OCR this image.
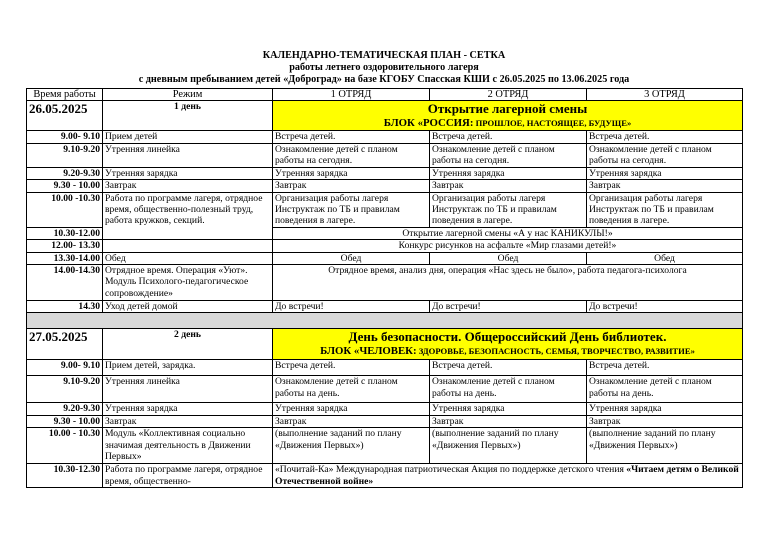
КАЛЕНДАРНО-ТЕМАТИЧЕСКАЯ ПЛАН - СЕТКА
работы летнего оздоровительного лагеря
с дневным пребыванием детей «Доброград» на базе КГОБУ Спасская КШИ с 26.05.2025 по 13.06.2025 года
Время работы	Режим	1 ОТРЯД	2 ОТРЯД	3 ОТРЯД
26.05.2025	1 день	Открытие лагерной смены
БЛОК «РОССИЯ: ПРОШЛОЕ, НАСТОЯЩЕЕ, БУДУЩЕ»		

9.00- 9.10	Прием детей	Встреча детей.	Встреча детей.	Встреча детей.
9.10-9.20	Утренняя линейка	Ознакомление детей с планом работы на сегодня.	Ознакомление детей с планом работы на сегодня.	Ознакомление детей с планом работы на сегодня.
9.20-9.30	Утренняя зарядка	Утренняя зарядка	Утренняя зарядка	Утренняя зарядка
9.30 - 10.00	Завтрак	Завтрак	Завтрак	Завтрак
10.00 -10.30	Работа по программе лагеря, отрядное время, общественно-полезный труд, работа кружков, секций.	Организация работы лагеря Инструктаж по ТБ и правилам поведения в лагере.	Организация работы лагеря Инструктаж по ТБ и правилам поведения в лагере.	Организация работы лагеря Инструктаж по ТБ и правилам поведения в лагере.
10.30-12.00		Открытие лагерной смены «А у нас КАНИКУЛЫ!»		
12.00- 13.30		Конкурс рисунков на асфальте «Мир глазами детей!»		
13.30-14.00	Обед	Обед	Обед	Обед
14.00-14.30	Отрядное время. Операция «Уют». Модуль Психолого-педагогическое сопровождение»	Отрядное время, анализ дня, операция «Нас здесь не было», работа педагога-психолога		
14.30	Уход детей домой	До встречи!	До встречи!	До встречи!

27.05.2025	2 день	День безопасности. Общероссийский День библиотек.
БЛОК «ЧЕЛОВЕК: ЗДОРОВЬЕ, БЕЗОПАСНОСТЬ, СЕМЬЯ, ТВОРЧЕСТВО, РАЗВИТИЕ»		

9.00- 9.10	Прием детей, зарядка.	Встреча детей.	Встреча детей.	Встреча детей.
9.10-9.20	Утренняя линейка	Ознакомление детей с планом работы на день.	Ознакомление детей с планом работы на день.	Ознакомление детей с планом работы на день.
9.20-9.30	Утренняя зарядка	Утренняя зарядка	Утренняя зарядка	Утренняя зарядка
9.30 - 10.00	Завтрак	Завтрак	Завтрак	Завтрак
10.00 - 10.30	Модуль «Коллективная социально значимая деятельность в Движении Первых»	(выполнение заданий по плану «Движения Первых»)	(выполнение заданий по плану «Движения Первых»)	(выполнение заданий по плану «Движения Первых»)
10.30-12.30	Работа по программе лагеря, отрядное время, общественно-	«Почитай-Ка» Международная патриотическая Акция по поддержке детского чтения «Читаем детям о Великой Отечественной войне»		
